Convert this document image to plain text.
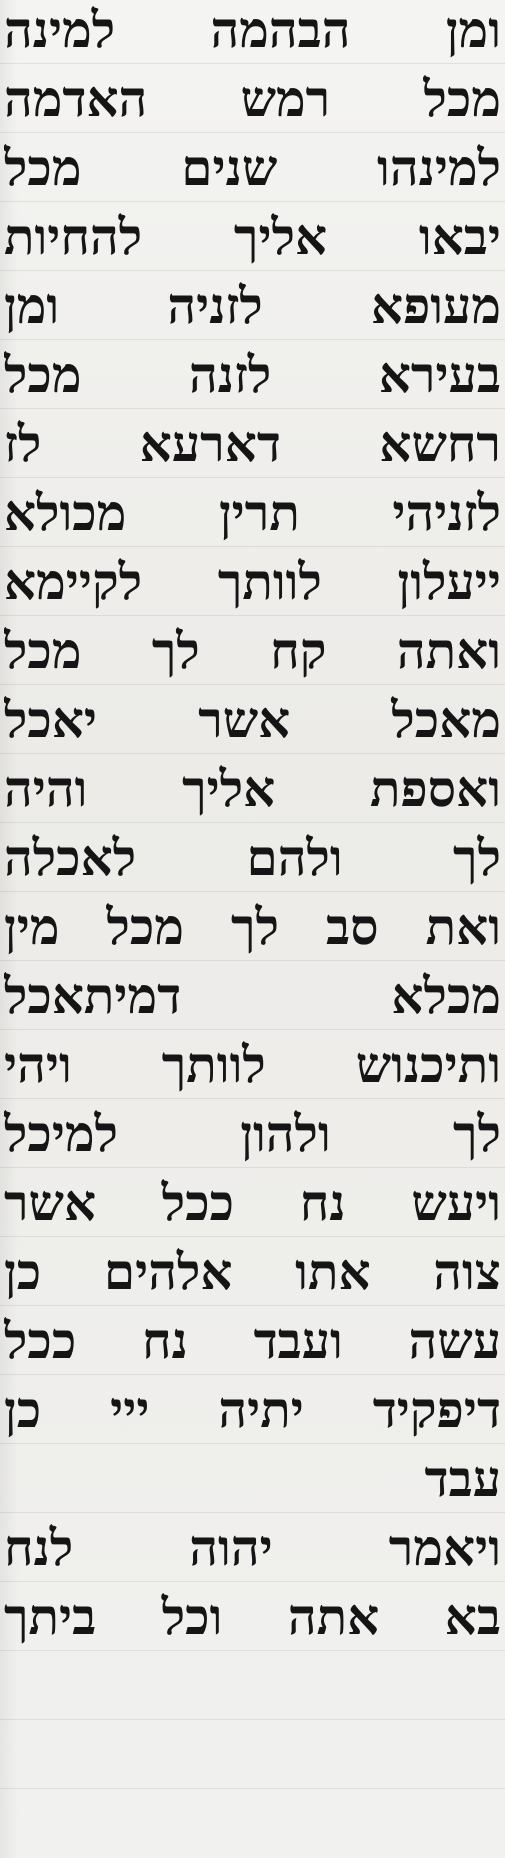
ומן הבהמה למינה
מכל רמש האדמה
למינהו שנים מכל
יבאו אליך להחיות
מעופא לזניה ומן
בעירא לזנה מכל
רחשא דארעא לז
לזניהי תרין מכולא
ייעלון לוותך לקיימא
ואתה קח לך מכל
מאכל אשר יאכל
ואספת אליך והיה
לך ולהם לאכלה
ואת סב לך מכל מין
מכלא דמיתאכל
ותיכנוש לוותך ויהי
לך ולהון למיכל
ויעש נח ככל אשר
צוה אתו אלהים כן
עשה ועבד נח ככל
דיפקיד יתיה ייי כן
עבד
ויאמר יהוה לנח
בא אתה וכל ביתך
